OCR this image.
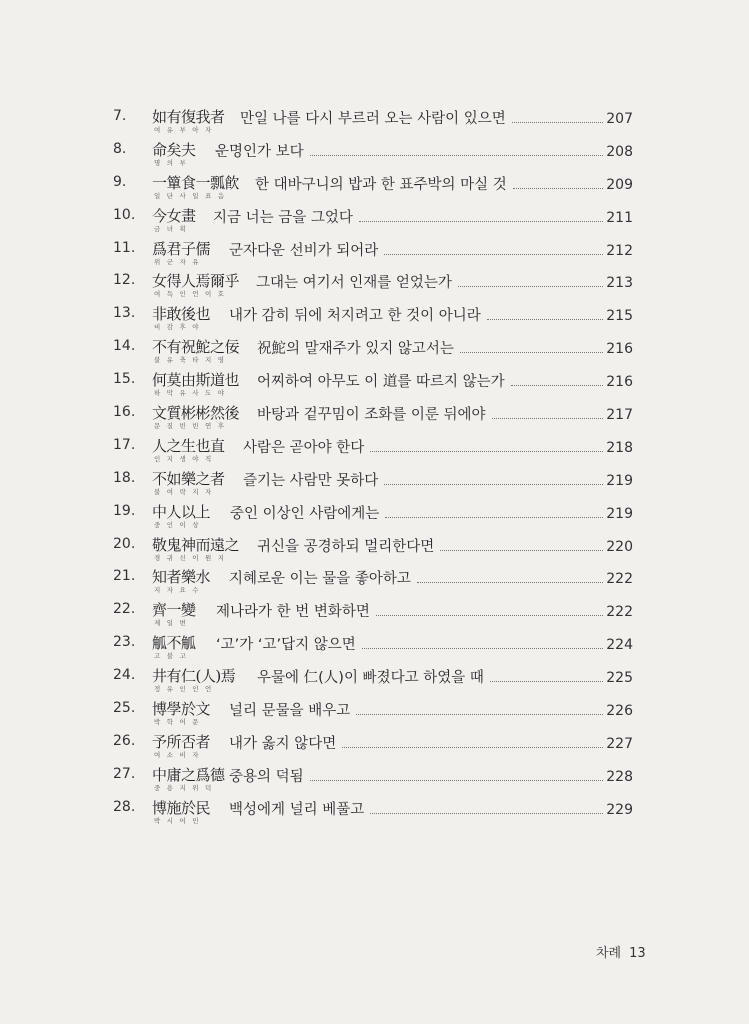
7. 如有復我者
여 유 부 아 자
만일 나를 다시 부르러 오는 사람이 있으면	207
8. 命矣夫
명 의 부
운명인가 보다	208
9. 一簞食一瓢飮
일 단 사 일 표 음
한 대바구니의 밥과 한 표주박의 마실 것	209
10. 今女畫
금 녀 획
지금 너는 금을 그었다	211
11. 爲君子儒
위 군 자 유
군자다운 선비가 되어라	212
12. 女得人焉爾乎
여 득 인 언 이 호
그대는 여기서 인재를 얻었는가	213
13. 非敢後也
비 감 후 야
내가 감히 뒤에 처지려고 한 것이 아니라	215
14. 不有祝鮀之佞
불 유 축 타 지 영
祝鮀의 말재주가 있지 않고서는	216
15. 何莫由斯道也
하 막 유 사 도 야
어찌하여 아무도 이 道를 따르지 않는가	216
16. 文質彬彬然後
문 질 빈 빈 연 후
바탕과 겉꾸밈이 조화를 이룬 뒤에야	217
17. 人之生也直
인 지 생 야 직
사람은 곧아야 한다	218
18. 不如樂之者
불 여 락 지 자
즐기는 사람만 못하다	219
19. 中人以上
중 인 이 상
중인 이상인 사람에게는	219
20. 敬鬼神而遠之
경 귀 신 이 원 지
귀신을 공경하되 멀리한다면	220
21. 知者樂水
지 자 요 수
지혜로운 이는 물을 좋아하고	222
22. 齊一變
제 일 변
제나라가 한 번 변화하면	222
23. 觚不觚
고 불 고
‘고’가 ‘고’답지 않으면	224
24. 井有仁(人)焉
정 유 인 인 언
우물에 仁(人)이 빠졌다고 하였을 때	225
25. 博學於文
박 학 어 문
널리 문물을 배우고	226
26. 予所否者
여 소 비 자
내가 옳지 않다면	227
27. 中庸之爲德
중 용 지 위 덕
중용의 덕됨	228
28. 博施於民
박 시 어 민
백성에게 널리 베풀고	229
차례 13
